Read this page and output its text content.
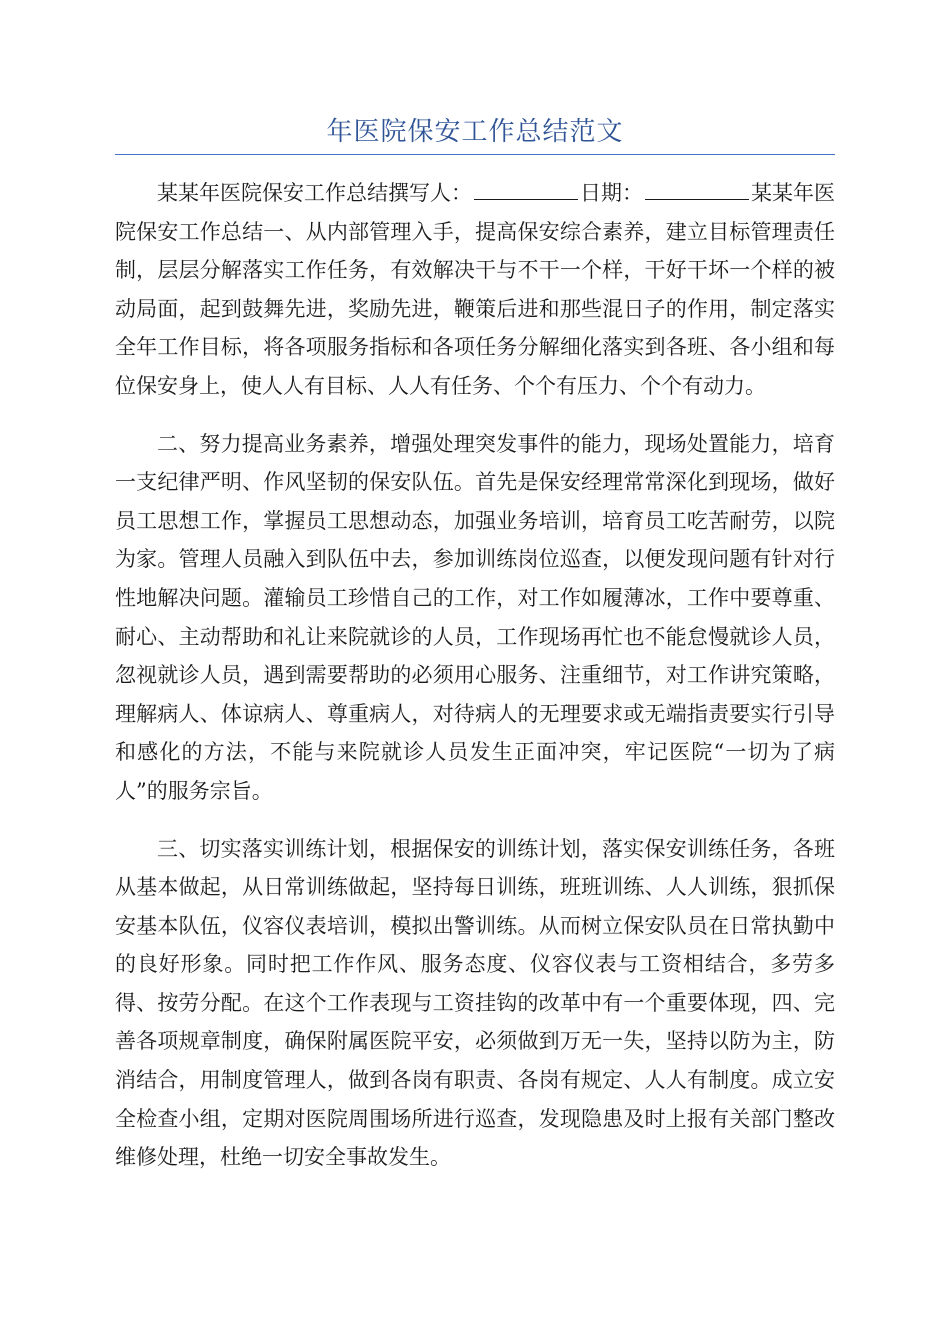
年医院保安工作总结范文

某某年医院保安工作总结撰写人：	日期：	某某年医院保安工作总结一、从内部管理入手，提高保安综合素养，建立目标管理责任制，层层分解落实工作任务，有效解决干与不干一个样，干好干坏一个样的被动局面，起到鼓舞先进，奖励先进，鞭策后进和那些混日子的作用，制定落实全年工作目标，将各项服务指标和各项任务分解细化落实到各班、各小组和每位保安身上，使人人有目标、人人有任务、个个有压力、个个有动力。

二、努力提高业务素养，增强处理突发事件的能力，现场处置能力，培育一支纪律严明、作风坚韧的保安队伍。首先是保安经理常常深化到现场，做好员工思想工作，掌握员工思想动态，加强业务培训，培育员工吃苦耐劳，以院为家。管理人员融入到队伍中去，参加训练岗位巡查，以便发现问题有针对行性地解决问题。灌输员工珍惜自己的工作，对工作如履薄冰，工作中要尊重、耐心、主动帮助和礼让来院就诊的人员，工作现场再忙也不能怠慢就诊人员，忽视就诊人员，遇到需要帮助的必须用心服务、注重细节，对工作讲究策略，理解病人、体谅病人、尊重病人，对待病人的无理要求或无端指责要实行引导和感化的方法，不能与来院就诊人员发生正面冲突，牢记医院“一切为了病人”的服务宗旨。

三、切实落实训练计划，根据保安的训练计划，落实保安训练任务，各班从基本做起，从日常训练做起，坚持每日训练，班班训练、人人训练，狠抓保安基本队伍，仪容仪表培训，模拟出警训练。从而树立保安队员在日常执勤中的良好形象。同时把工作作风、服务态度、仪容仪表与工资相结合，多劳多得、按劳分配。在这个工作表现与工资挂钩的改革中有一个重要体现，四、完善各项规章制度，确保附属医院平安，必须做到万无一失，坚持以防为主，防消结合，用制度管理人，做到各岗有职责、各岗有规定、人人有制度。成立安全检查小组，定期对医院周围场所进行巡查，发现隐患及时上报有关部门整改维修处理，杜绝一切安全事故发生。
